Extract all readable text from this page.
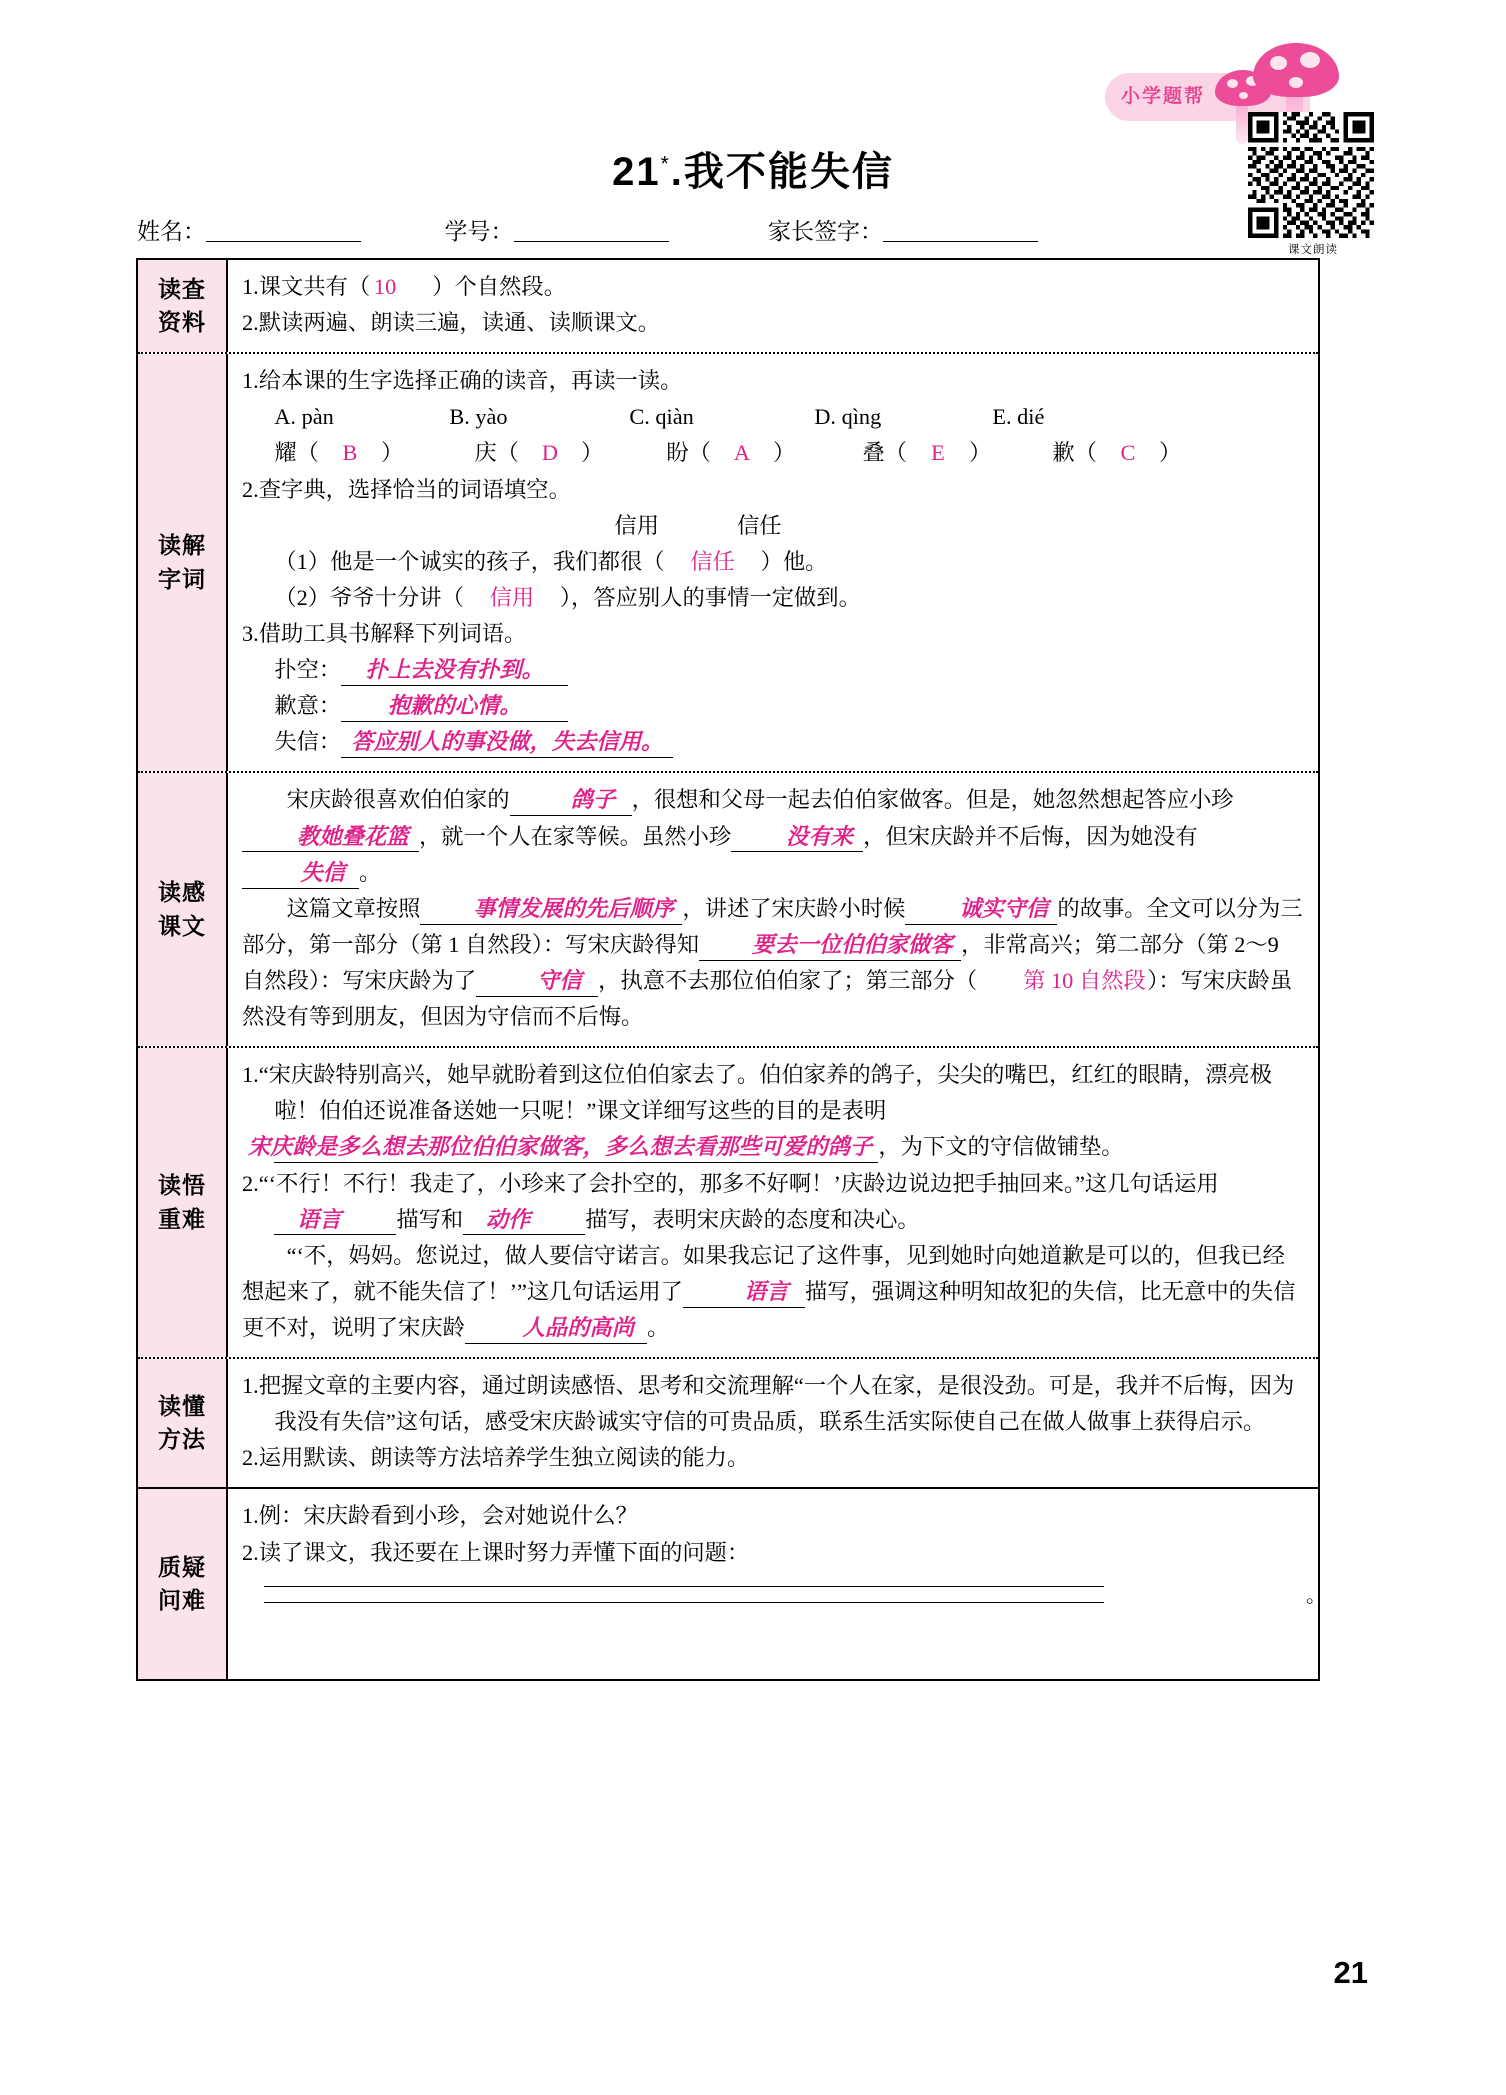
小学题帮
课文朗读
21*.我不能失信
姓名：	学号：	家长签字：
读查
资料

1.课文共有（ 10 ）个自然段。

2.默读两遍、朗读三遍，读通、读顺课文。

读解
字词

1.给本课的生字选择正确的读音，再读一读。

A. pàn	B. yào	C. qiàn	D. qìng	E. dié

耀（ B ）	庆（ D ）	盼（ A ）	叠（ E ）	歉（ C ）

2.查字典，选择恰当的词语填空。

信用	信任

（1）他是一个诚实的孩子，我们都很（ 信任 ）他。

（2）爷爷十分讲（ 信用 ），答应别人的事情一定做到。

3.借助工具书解释下列词语。

扑空： 扑上去没有扑到。

歉意： 抱歉的心情。

失信： 答应别人的事没做，失去信用。

读感
课文

宋庆龄很喜欢伯伯家的	鸽子 ，很想和父母一起去伯伯家做客。但是，她忽然想起答应小珍教她叠花篮 ，就一个人在家等候。虽然小珍 没有来 ，但宋庆龄并不后悔，因为她没有失信 。

这篇文章按照 事情发展的先后顺序 ，讲述了宋庆龄小时候 诚实守信 的故事。全文可以分为三部分，第一部分（第 1 自然段）：写宋庆龄得知 要去一位伯伯家做客 ，非常高兴；第二部分（第 2～9 自然段）：写宋庆龄为了	守信 ，执意不去那位伯伯家了；第三部分（ 第 10 自然段）：写宋庆龄虽然没有等到朋友，但因为守信而不后悔。

读悟
重难

1.“宋庆龄特别高兴，她早就盼着到这位伯伯家去了。伯伯家养的鸽子，尖尖的嘴巴，红红的眼睛，漂亮极啦！伯伯还说准备送她一只呢！”课文详细写这些的目的是表明宋庆龄是多么想去那位伯伯家做客，多么想去看那些可爱的鸽子 ，为下文的守信做铺垫。

2.“‘不行！不行！我走了，小珍来了会扑空的，那多不好啊！’庆龄边说边把手抽回来。”这几句话运用语言 描写和 动作 描写，表明宋庆龄的态度和决心。

“‘不，妈妈。您说过，做人要信守诺言。如果我忘记了这件事，见到她时向她道歉是可以的，但我已经想起来了，就不能失信了！’”这几句话运用了	语言 描写，强调这种明知故犯的失信，比无意中的失信更不对，说明了宋庆龄	人品的高尚 。

读懂
方法

1.把握文章的主要内容，通过朗读感悟、思考和交流理解“一个人在家，是很没劲。可是，我并不后悔，因为我没有失信”这句话，感受宋庆龄诚实守信的可贵品质，联系生活实际使自己在做人做事上获得启示。

2.运用默读、朗读等方法培养学生独立阅读的能力。

质疑
问难

1.例：宋庆龄看到小珍，会对她说什么？

2.读了课文，我还要在上课时努力弄懂下面的问题：

。
21
